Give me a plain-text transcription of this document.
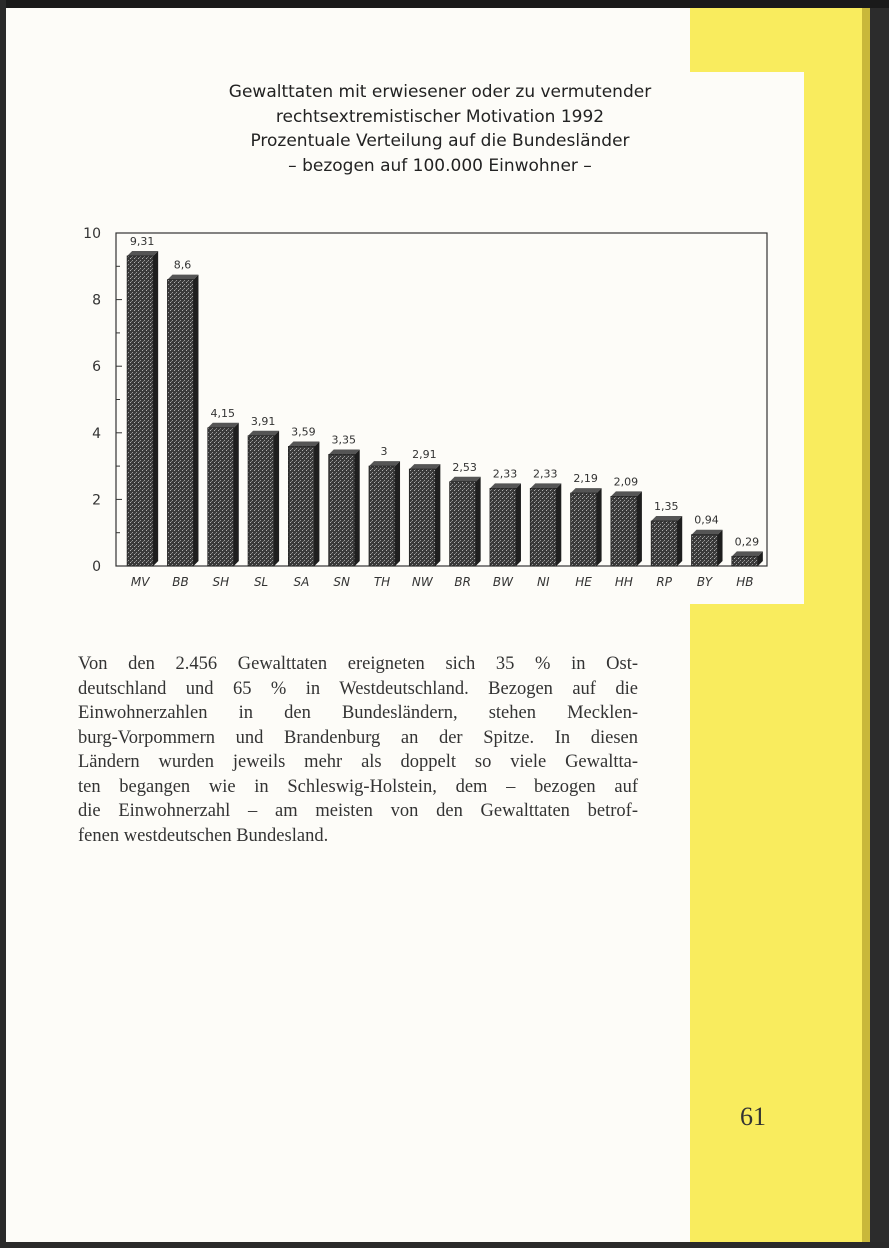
Gewalttaten mit erwiesener oder zu vermutender
rechtsextremistischer Motivation 1992
Prozentuale Verteilung auf die Bundesländer
– bezogen auf 100.000 Einwohner –
0
2
4
6
8
10	9,31
8,6
4,15
3,91
3,59
3,35
3 2,91
2,53
2,33 2,33 2,19 2,09
1,35
0,94
0,29
MV BB SH SL SA SN TH NW BR BW NI HE HH RP BY HB
Von den 2.456 Gewalttaten ereigneten sich 35 % in Ost-
deutschland und 65 % in Westdeutschland. Bezogen auf die
Einwohnerzahlen in den Bundesländern, stehen Mecklen-
burg-Vorpommern und Brandenburg an der Spitze. In diesen
Ländern wurden jeweils mehr als doppelt so viele Gewaltta-
ten begangen wie in Schleswig-Holstein, dem – bezogen auf
die Einwohnerzahl – am meisten von den Gewalttaten betrof-
fenen westdeutschen Bundesland.
61
